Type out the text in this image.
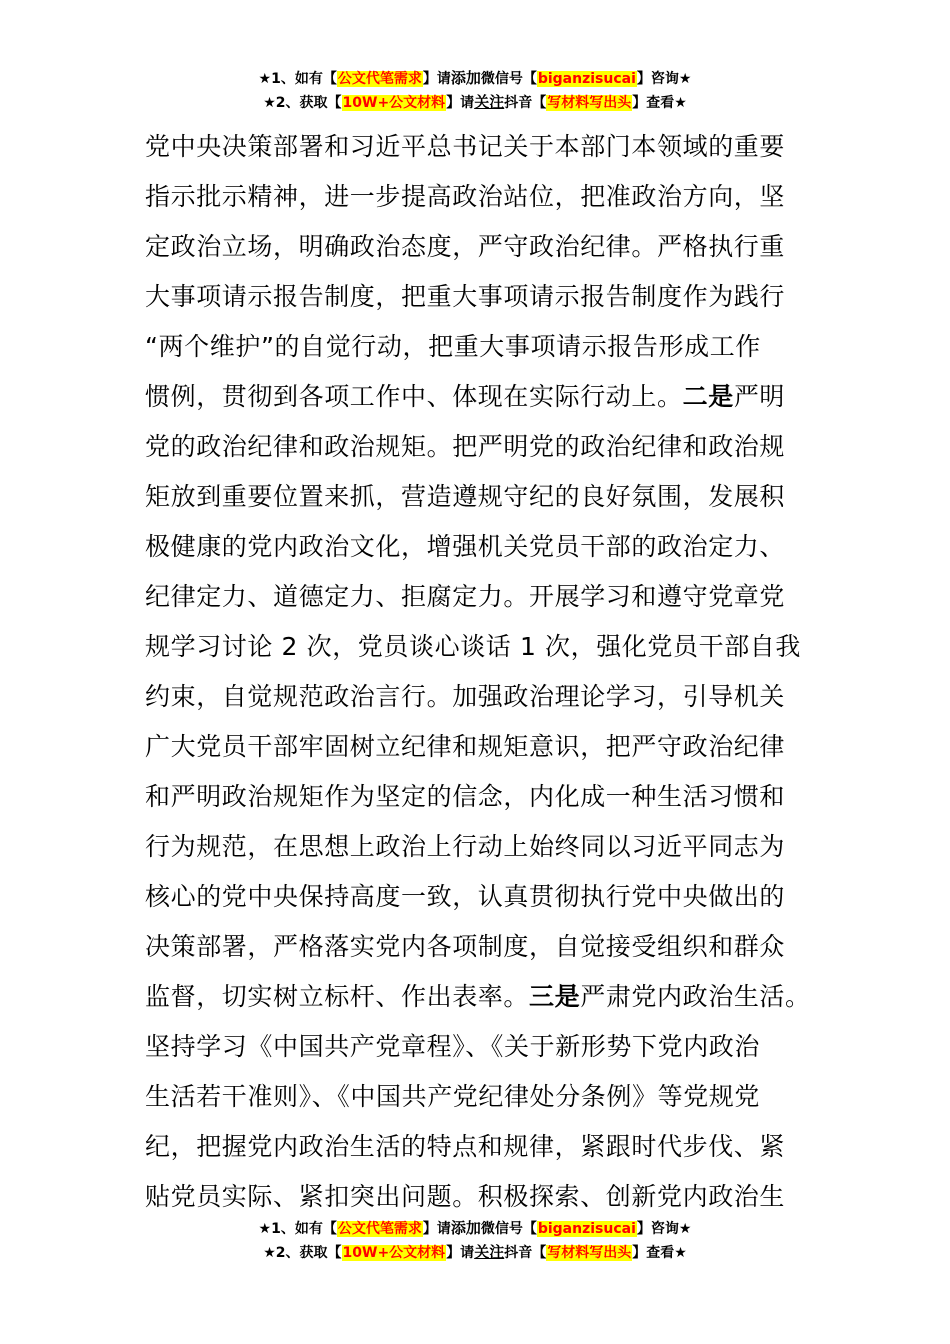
★1、如有【公文代笔需求】请添加微信号【biganzisucai】咨询★
★2、获取【10W+公文材料】请关注抖音【写材料写出头】查看★
党中央决策部署和习近平总书记关于本部门本领域的重要
指示批示精神，进一步提高政治站位，把准政治方向，坚
定政治立场，明确政治态度，严守政治纪律。严格执行重
大事项请示报告制度，把重大事项请示报告制度作为践行
“两个维护”的自觉行动，把重大事项请示报告形成工作
惯例，贯彻到各项工作中、体现在实际行动上。二是严明
党的政治纪律和政治规矩。把严明党的政治纪律和政治规
矩放到重要位置来抓，营造遵规守纪的良好氛围，发展积
极健康的党内政治文化，增强机关党员干部的政治定力、
纪律定力、道德定力、拒腐定力。开展学习和遵守党章党
规学习讨论 2 次，党员谈心谈话 1 次，强化党员干部自我
约束，自觉规范政治言行。加强政治理论学习，引导机关
广大党员干部牢固树立纪律和规矩意识，把严守政治纪律
和严明政治规矩作为坚定的信念，内化成一种生活习惯和
行为规范，在思想上政治上行动上始终同以习近平同志为
核心的党中央保持高度一致，认真贯彻执行党中央做出的
决策部署，严格落实党内各项制度，自觉接受组织和群众
监督，切实树立标杆、作出表率。三是严肃党内政治生活。
坚持学习《中国共产党章程》、《关于新形势下党内政治
生活若干准则》、《中国共产党纪律处分条例》等党规党
纪，把握党内政治生活的特点和规律，紧跟时代步伐、紧
贴党员实际、紧扣突出问题。积极探索、创新党内政治生
★1、如有【公文代笔需求】请添加微信号【biganzisucai】咨询★
★2、获取【10W+公文材料】请关注抖音【写材料写出头】查看★
